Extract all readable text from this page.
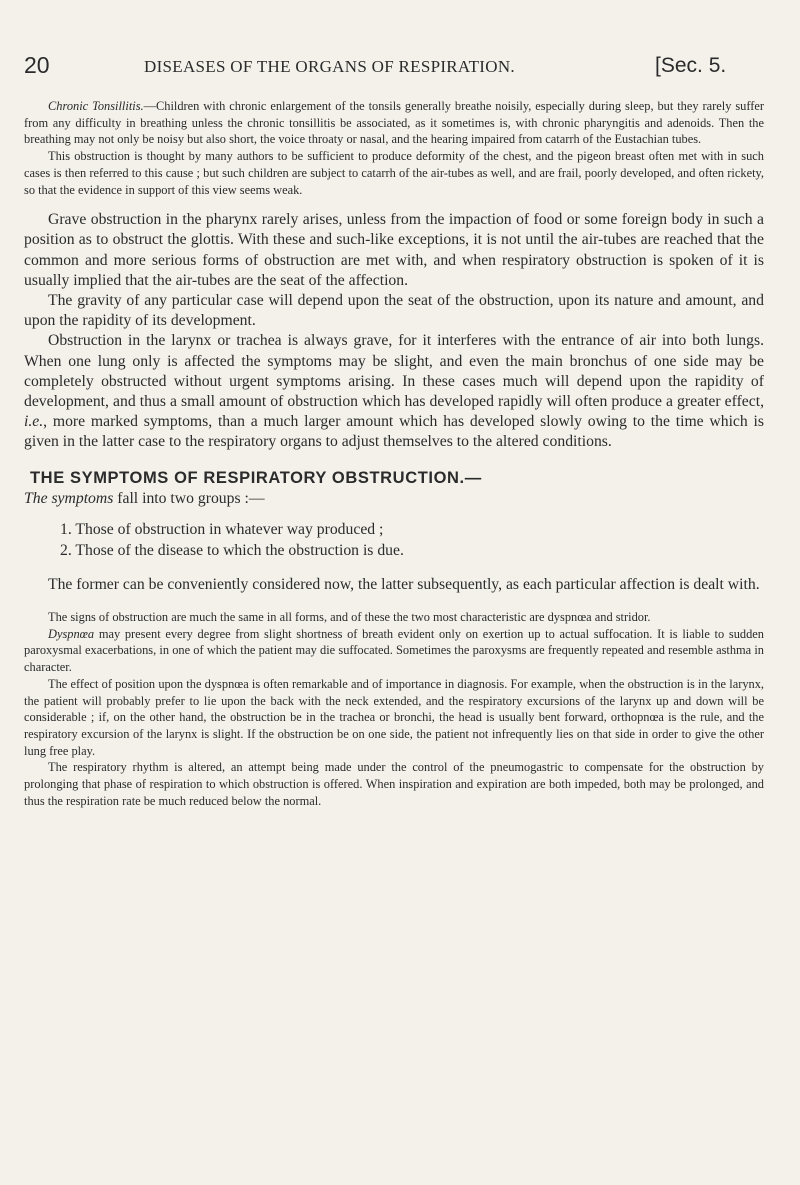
20	DISEASES OF THE ORGANS OF RESPIRATION.	[Sec. 5.

Chronic Tonsillitis.—Children with chronic enlargement of the tonsils generally breathe noisily, especially during sleep, but they rarely suffer from any difficulty in breathing unless the chronic tonsillitis be associated, as it sometimes is, with chronic pharyngitis and adenoids. Then the breathing may not only be noisy but also short, the voice throaty or nasal, and the hearing impaired from catarrh of the Eustachian tubes.

This obstruction is thought by many authors to be sufficient to produce deformity of the chest, and the pigeon breast often met with in such cases is then referred to this cause ; but such children are subject to catarrh of the air-tubes as well, and are frail, poorly developed, and often rickety, so that the evidence in support of this view seems weak.

Grave obstruction in the pharynx rarely arises, unless from the impaction of food or some foreign body in such a position as to obstruct the glottis. With these and such-like exceptions, it is not until the air-tubes are reached that the common and more serious forms of obstruction are met with, and when respiratory obstruction is spoken of it is usually implied that the air-tubes are the seat of the affection.

The gravity of any particular case will depend upon the seat of the obstruction, upon its nature and amount, and upon the rapidity of its development.

Obstruction in the larynx or trachea is always grave, for it interferes with the entrance of air into both lungs. When one lung only is affected the symptoms may be slight, and even the main bronchus of one side may be completely obstructed without urgent symptoms arising. In these cases much will depend upon the rapidity of development, and thus a small amount of obstruction which has developed rapidly will often produce a greater effect, i.e., more marked symptoms, than a much larger amount which has developed slowly owing to the time which is given in the latter case to the respiratory organs to adjust themselves to the altered conditions.

THE SYMPTOMS OF RESPIRATORY OBSTRUCTION.—

The symptoms fall into two groups :—

1. Those of obstruction in whatever way produced ;
2. Those of the disease to which the obstruction is due.

The former can be conveniently considered now, the latter subsequently, as each particular affection is dealt with.

The signs of obstruction are much the same in all forms, and of these the two most characteristic are dyspnœa and stridor.

Dyspnœa may present every degree from slight shortness of breath evident only on exertion up to actual suffocation. It is liable to sudden paroxysmal exacerbations, in one of which the patient may die suffocated. Sometimes the paroxysms are frequently repeated and resemble asthma in character.

The effect of position upon the dyspnœa is often remarkable and of importance in diagnosis. For example, when the obstruction is in the larynx, the patient will probably prefer to lie upon the back with the neck extended, and the respiratory excursions of the larynx up and down will be considerable ; if, on the other hand, the obstruction be in the trachea or bronchi, the head is usually bent forward, orthopnœa is the rule, and the respiratory excursion of the larynx is slight. If the obstruction be on one side, the patient not infrequently lies on that side in order to give the other lung free play.

The respiratory rhythm is altered, an attempt being made under the control of the pneumogastric to compensate for the obstruction by prolonging that phase of respiration to which obstruction is offered. When inspiration and expiration are both impeded, both may be prolonged, and thus the respiration rate be much reduced below the normal.
